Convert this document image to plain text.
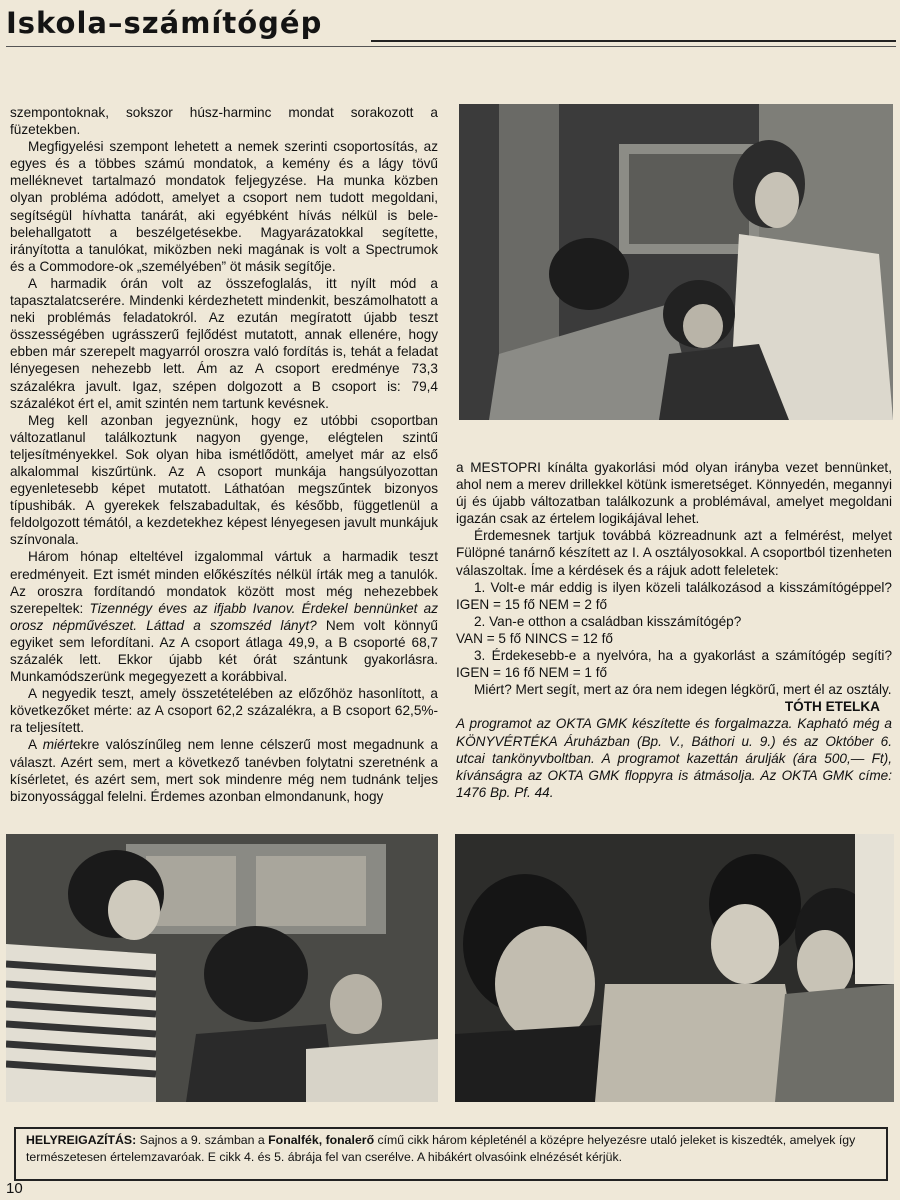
Iskola–számítógép

szempontoknak, sokszor húsz-harminc mondat sorakozott a füzetekben.

Megfigyelési szempont lehetett a nemek szerinti csoportosítás, az egyes és a többes számú mondatok, a kemény és a lágy tövű melléknevet tartalmazó mondatok feljegyzése. Ha munka közben olyan probléma adódott, amelyet a csoport nem tudott megoldani, segítségül hívhatta tanárát, aki egyébként hívás nélkül is bele-belehallgatott a beszélgetésekbe. Magyarázatokkal segítette, irányította a tanulókat, miközben neki magának is volt a Spectrumok és a Commodore-ok „személyében” öt másik segítője.

A harmadik órán volt az összefoglalás, itt nyílt mód a tapasztalatcserére. Mindenki kérdezhetett mindenkit, beszámolhatott a neki problémás feladatokról. Az ezután megíratott újabb teszt összességében ugrásszerű fejlődést mutatott, annak ellenére, hogy ebben már szerepelt magyarról oroszra való fordítás is, tehát a feladat lényegesen nehezebb lett. Ám az A csoport eredménye 73,3 százalékra javult. Igaz, szépen dolgozott a B csoport is: 79,4 százalékot ért el, amit szintén nem tartunk kevésnek.

Meg kell azonban jegyeznünk, hogy ez utóbbi csoportban változatlanul találkoztunk nagyon gyenge, elégtelen szintű teljesítményekkel. Sok olyan hiba ismétlődött, amelyet már az első alkalommal kiszűrtünk. Az A csoport munkája hangsúlyozottan egyenletesebb képet mutatott. Láthatóan megszűntek bizonyos típushibák. A gyerekek felszabadultak, és később, függetlenül a feldolgozott témától, a kezdetekhez képest lényegesen javult munkájuk színvonala.

Három hónap elteltével izgalommal vártuk a harmadik teszt eredményeit. Ezt ismét minden előkészítés nélkül írták meg a tanulók. Az oroszra fordítandó mondatok között most még nehezebbek szerepeltek: Tizennégy éves az ifjabb Ivanov. Érdekel bennünket az orosz népművészet. Láttad a szomszéd lányt? Nem volt könnyű egyiket sem lefordítani. Az A csoport átlaga 49,9, a B csoporté 68,7 százalék lett. Ekkor újabb két órát szántunk gyakorlásra. Munkamódszerünk megegyezett a korábbival.

A negyedik teszt, amely összetételében az előzőhöz hasonlított, a következőket mérte: az A csoport 62,2 százalékra, a B csoport 62,5%-ra teljesített.

A miértekre valószínűleg nem lenne célszerű most megadnunk a választ. Azért sem, mert a következő tanévben folytatni szeretnénk a kísérletet, és azért sem, mert sok mindenre még nem tudnánk teljes bizonyossággal felelni. Érdemes azonban elmondanunk, hogy

a MESTOPRI kínálta gyakorlási mód olyan irányba vezet bennünket, ahol nem a merev drillekkel kötünk ismeretséget. Könnyedén, megannyi új és újabb változatban találkozunk a problémával, amelyet megoldani igazán csak az értelem logikájával lehet.

Érdemesnek tartjuk továbbá közreadnunk azt a felmérést, melyet Fülöpné tanárnő készített az I. A osztályosokkal. A csoportból tizenheten válaszoltak. Íme a kérdések és a rájuk adott feleletek:

1. Volt-e már eddig is ilyen közeli találkozásod a kisszámítógéppel? IGEN = 15 fő NEM = 2 fő

2. Van-e otthon a családban kisszámítógép?

VAN = 5 fő NINCS = 12 fő

3. Érdekesebb-e a nyelvóra, ha a gyakorlást a számítógép segíti? IGEN = 16 fő NEM = 1 fő

Miért? Mert segít, mert az óra nem idegen légkörű, mert él az osztály.

TÓTH ETELKA

A programot az OKTA GMK készítette és forgalmazza. Kapható még a KÖNYVÉRTÉKA Áruházban (Bp. V., Báthori u. 9.) és az Október 6. utcai tankönyvboltban. A programot kazettán árulják (ára 500,— Ft), kívánságra az OKTA GMK floppyra is átmásolja. Az OKTA GMK címe: 1476 Bp. Pf. 44.

HELYREIGAZÍTÁS: Sajnos a 9. számban a Fonalfék, fonalerő című cikk három képleténél a középre helyezésre utaló jeleket is kiszedték, amelyek így természetesen értelemzavaróak. E cikk 4. és 5. ábrája fel van cserélve. A hibákért olvasóink elnézését kérjük.
10
